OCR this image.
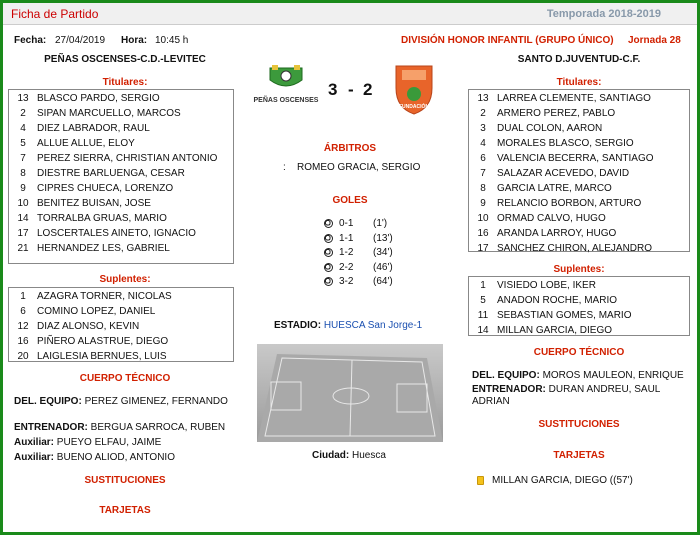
Ficha de Partido	Temporada 2018-2019
Fecha: 27/04/2019 Hora: 10:45 h	DIVISIÓN HONOR INFANTIL (GRUPO ÚNICO) Jornada 28
PEÑAS OSCENSES-C.D.-LEVITEC	SANTO D.JUVENTUD-C.F.
PEÑAS OSCENSES
3 - 2
FUNDACIÓN
Titulares:
13 BLASCO PARDO, SERGIO
2	SIPAN MARCUELLO, MARCOS
4	DIEZ LABRADOR, RAUL
5	ALLUE ALLUE, ELOY
7	PEREZ SIERRA, CHRISTIAN ANTONIO
8	DIESTRE BARLUENGA, CESAR
9	CIPRES CHUECA, LORENZO
10 BENITEZ BUISAN, JOSE
14 TORRALBA GRUAS, MARIO
17 LOSCERTALES AINETO, IGNACIO
21 HERNANDEZ LES, GABRIEL
Suplentes:
1	AZAGRA TORNER, NICOLAS
6	COMINO LOPEZ, DANIEL
12 DIAZ ALONSO, KEVIN
16 PIÑERO ALASTRUE, DIEGO
20 LAIGLESIA BERNUES, LUIS
CUERPO TÉCNICO
DEL. EQUIPO: PEREZ GIMENEZ, FERNANDO
ENTRENADOR: BERGUA SARROCA, RUBEN
Auxiliar: PUEYO ELFAU, JAIME
Auxiliar: BUENO ALIOD, ANTONIO
SUSTITUCIONES
TARJETAS
ÁRBITROS
: ROMEO GRACIA, SERGIO
GOLES
0-1	(1')
1-1	(13')
1-2	(34')
2-2	(46')
3-2	(64')
ESTADIO: HUESCA San Jorge-1
Ciudad: Huesca
Titulares:
13 LARREA CLEMENTE, SANTIAGO
2	ARMERO PEREZ, PABLO
3	DUAL COLON, AARON
4	MORALES BLASCO, SERGIO
6	VALENCIA BECERRA, SANTIAGO
7	SALAZAR ACEVEDO, DAVID
8	GARCIA LATRE, MARCO
9	RELANCIO BORBON, ARTURO
10 ORMAD CALVO, HUGO
16 ARANDA LARROY, HUGO
17 SANCHEZ CHIRON, ALEJANDRO
Suplentes:
1	VISIEDO LOBE, IKER
5	ANADON ROCHE, MARIO
11 SEBASTIAN GOMES, MARIO
14 MILLAN GARCIA, DIEGO
CUERPO TÉCNICO
DEL. EQUIPO: MOROS MAULEON, ENRIQUE
ENTRENADOR: DURAN ANDREU, SAUL ADRIAN
SUSTITUCIONES
TARJETAS
MILLAN GARCIA, DIEGO ((57')
